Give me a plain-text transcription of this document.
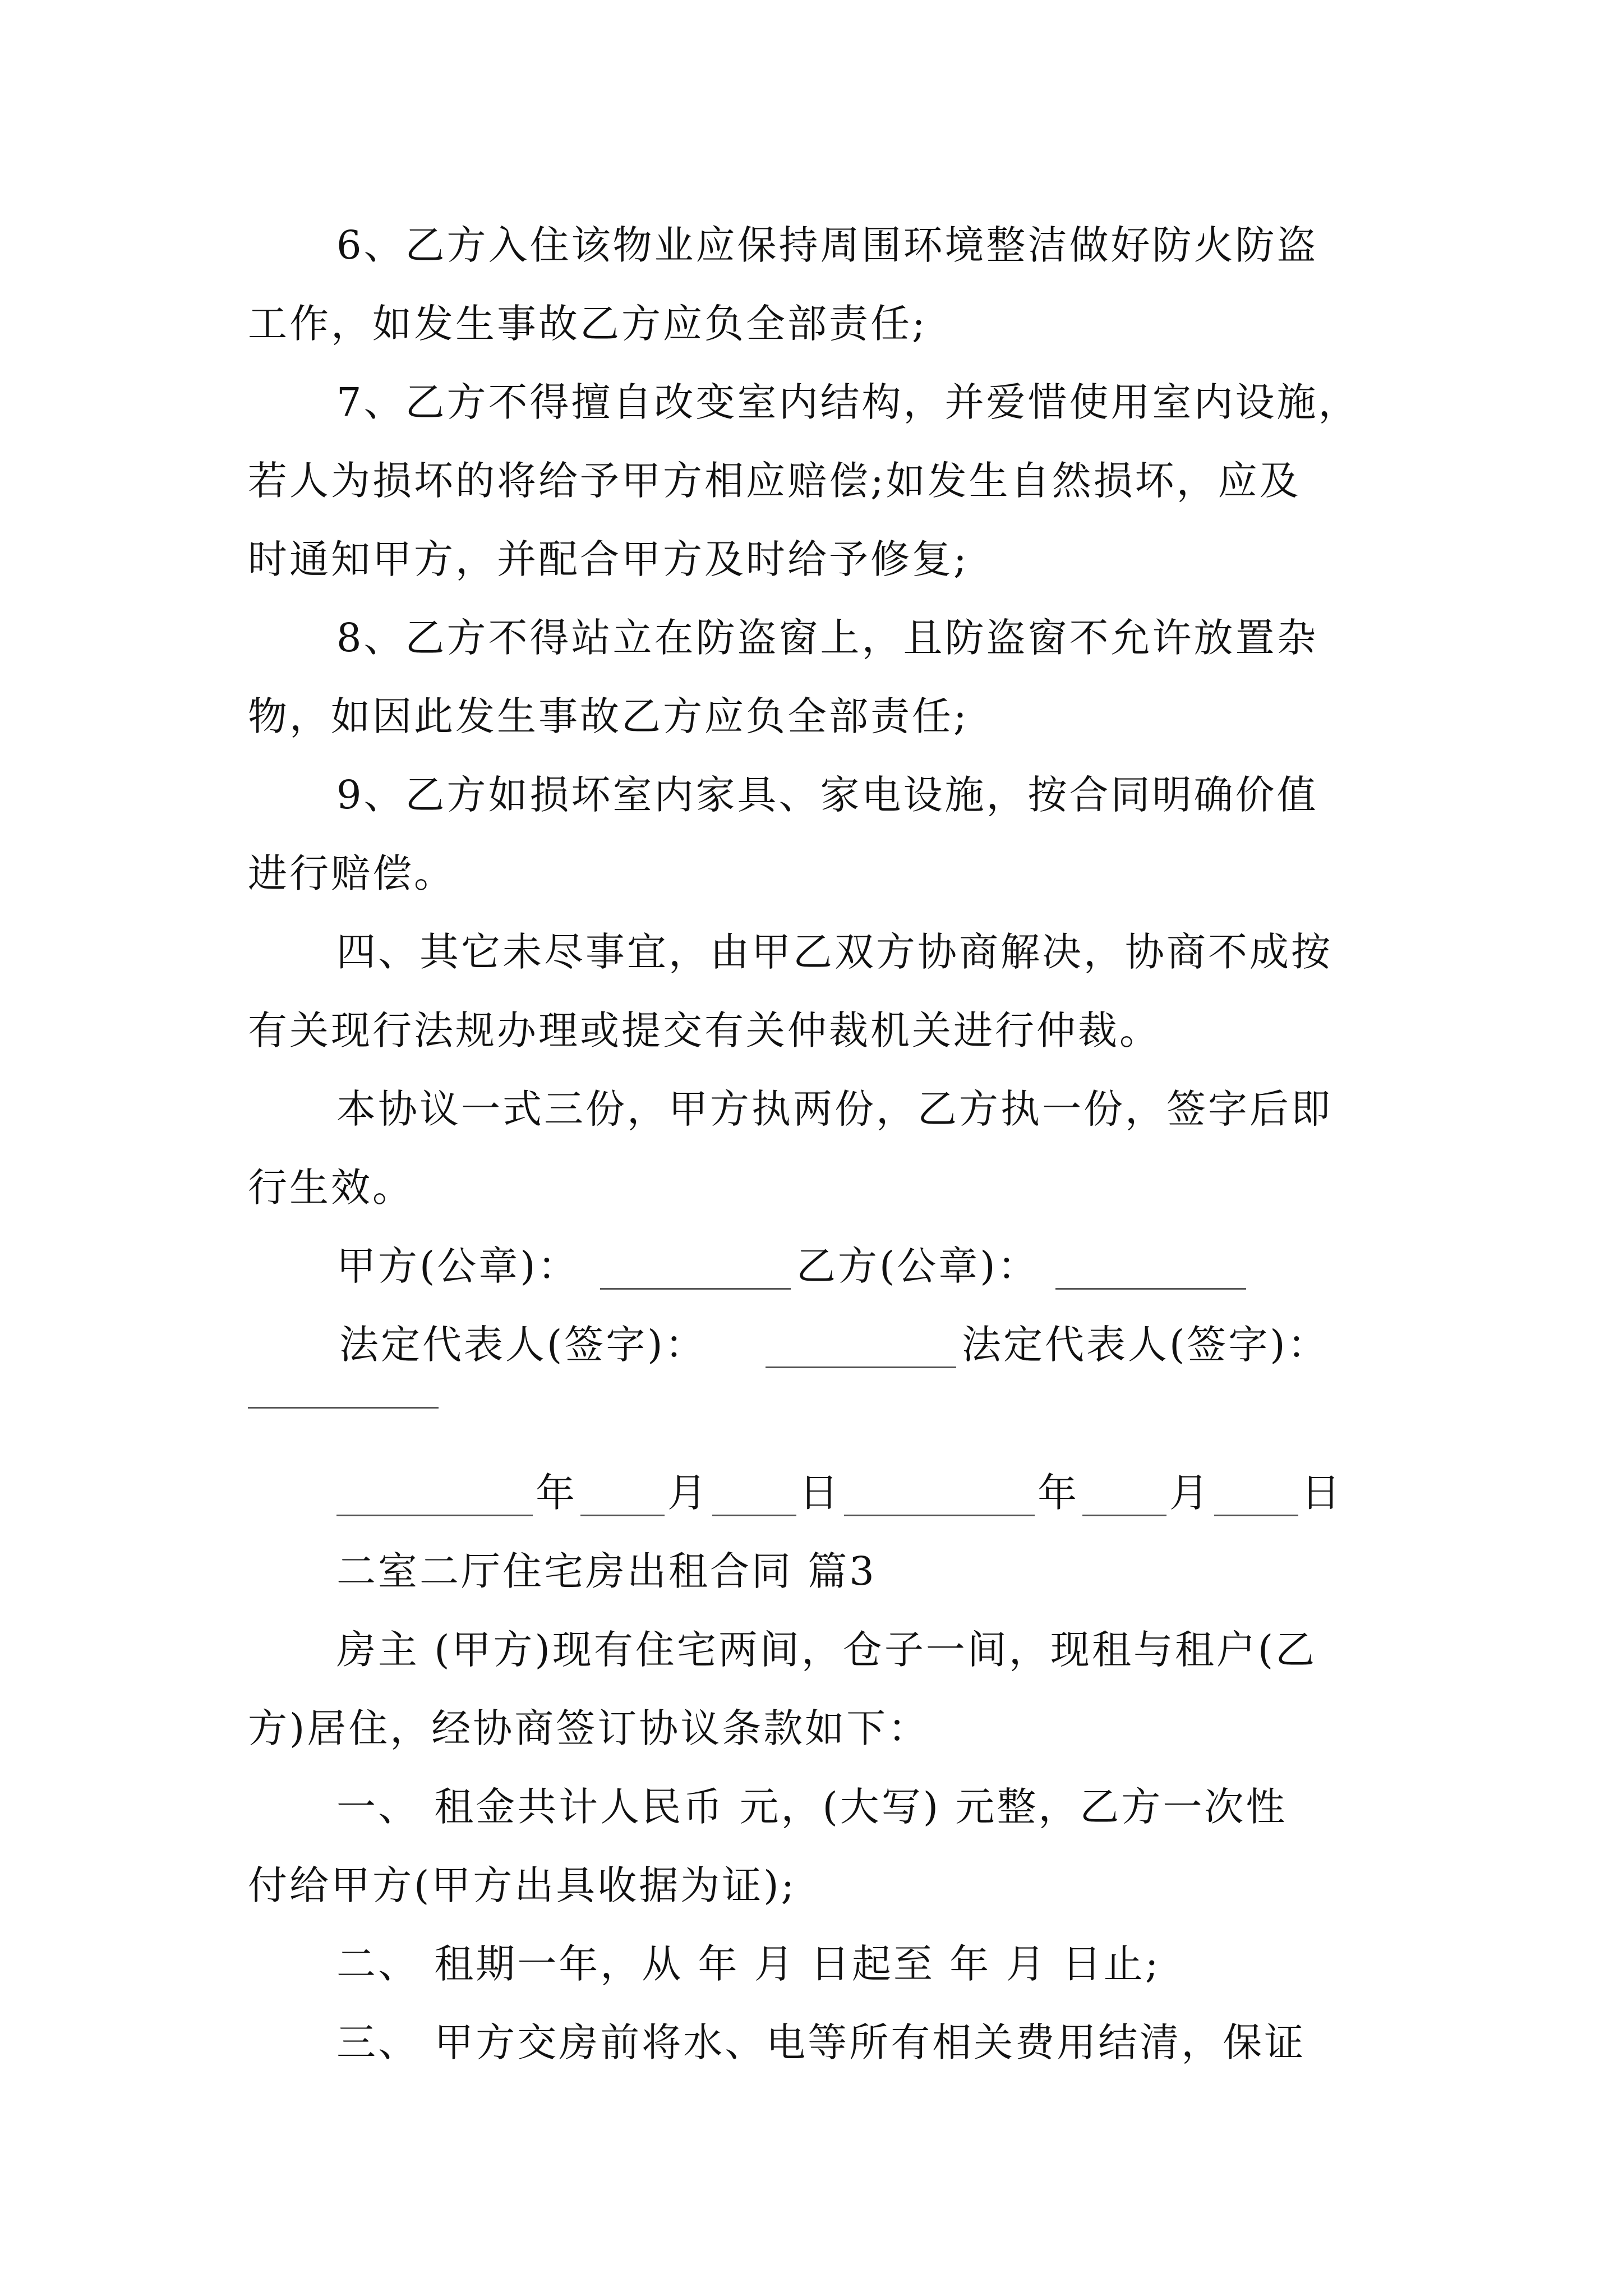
6、乙方入住该物业应保持周围环境整洁做好防火防盗
工作，如发生事故乙方应负全部责任;
7、乙方不得擅自改变室内结构，并爱惜使用室内设施，
若人为损坏的将给予甲方相应赔偿;如发生自然损坏，应及
时通知甲方，并配合甲方及时给予修复;
8、乙方不得站立在防盗窗上，且防盗窗不允许放置杂
物，如因此发生事故乙方应负全部责任;
9、乙方如损坏室内家具、家电设施，按合同明确价值
进行赔偿。
四、其它未尽事宜，由甲乙双方协商解决，协商不成按
有关现行法规办理或提交有关仲裁机关进行仲裁。
本协议一式三份，甲方执两份，乙方执一份，签字后即
行生效。
甲方(公章)：	乙方(公章)：
法定代表人(签字)：	法定代表人(签字)：
年 月 日	年 月 日
二室二厅住宅房出租合同 篇3
房主 (甲方)现有住宅两间，仓子一间，现租与租户(乙
方)居住，经协商签订协议条款如下：
一、 租金共计人民币 元，(大写) 元整，乙方一次性
付给甲方(甲方出具收据为证);
二、 租期一年，从 年 月 日起至 年 月 日止;
三、 甲方交房前将水、电等所有相关费用结清，保证
